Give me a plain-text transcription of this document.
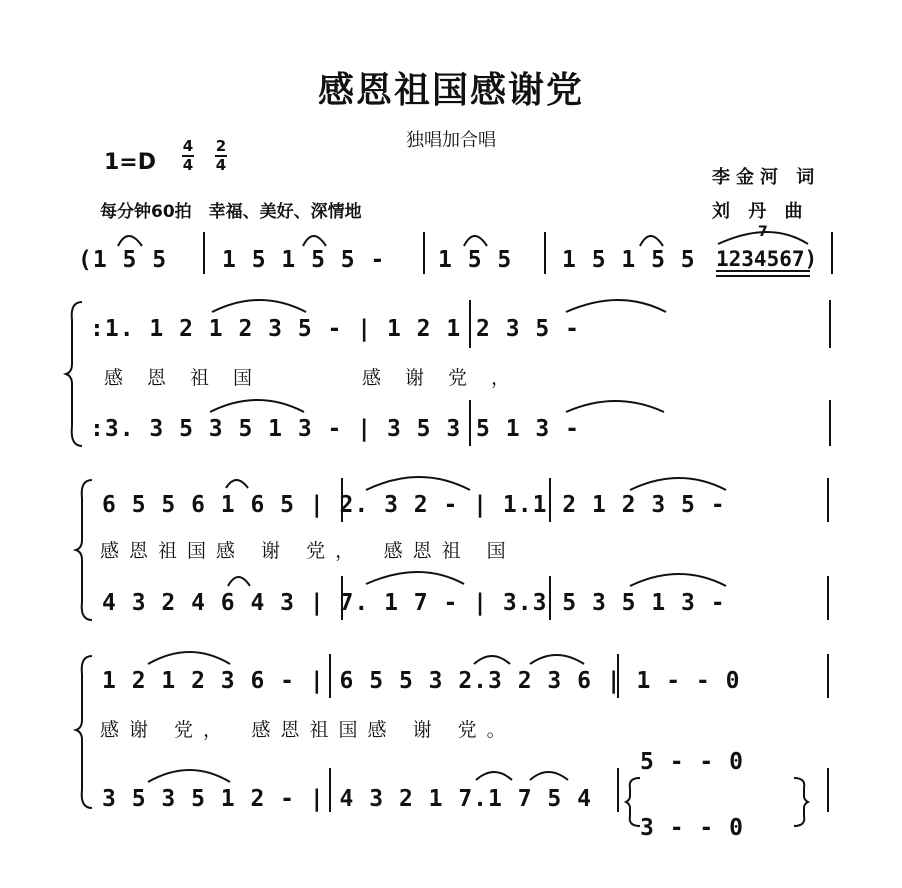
感恩祖国感谢党
独唱加合唱
1=D
4
4
2
4
每分钟60拍　幸福、美好、深情地
李金河 词
刘 丹 曲
(1 5 5 1 5 1 5 5 - 1 5 5 1 5 1 5 5 1234567)
7
:1. 1 2 1 2 3 5 - | 1 2 1 2 3 5 -
感恩祖国　　感谢党，
:3. 3 5 3 5 1 3 - | 3 5 3 5 1 3 -
6 5 5 6 1 6 5 | 2. 3 2 - | 1.1 2 1 2 3 5 -
感恩祖国感 谢 党，　感恩祖 国
4 3 2 4 6 4 3 | 7. 1 7 - | 3.3 5 3 5 1 3 -
1 2 1 2 3 6 - | 6 5 5 3 2.3 2 3 6 | 1 - - 0
感谢 党，　感恩祖国感 谢 党。
3 5 3 5 1 2 - | 4 3 2 1 7.1 7 5 4
5 - - 0
3 - - 0
